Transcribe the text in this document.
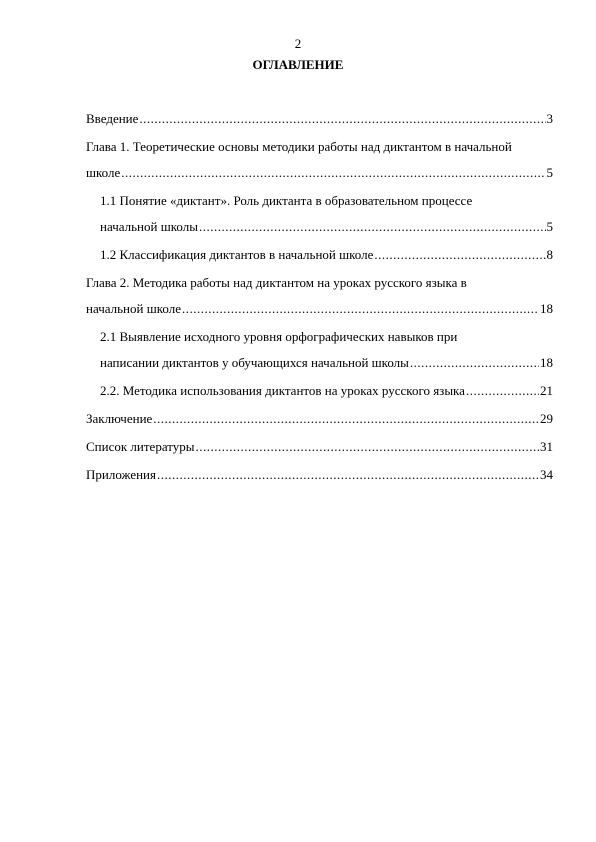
2
ОГЛАВЛЕНИЕ
Введение .....	3
Глава 1. Теоретические основы методики работы над диктантом в начальной
школе .....	5
1.1 Понятие «диктант». Роль диктанта в образовательном процессе
начальной школы .....	5
1.2 Классификация диктантов в начальной школе .....	8
Глава 2. Методика работы над диктантом на уроках русского языка в
начальной школе .....	18
2.1 Выявление исходного уровня орфографических навыков при
написании диктантов у обучающихся начальной школы .....	18
2.2. Методика использования диктантов на уроках русского языка .....	21
Заключение .....	29
Список литературы .....	31
Приложения .....	34
